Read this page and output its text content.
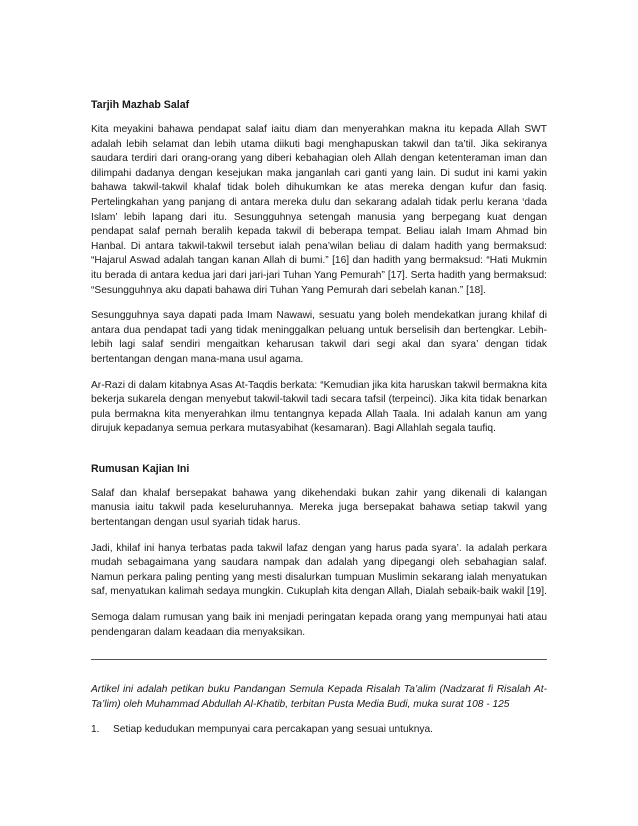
Tarjih Mazhab Salaf

Kita meyakini bahawa pendapat salaf iaitu diam dan menyerahkan makna itu kepada Allah SWT adalah lebih selamat dan lebih utama diikuti bagi menghapuskan takwil dan ta’til. Jika sekiranya saudara terdiri dari orang-orang yang diberi kebahagian oleh Allah dengan ketenteraman iman dan dilimpahi dadanya dengan kesejukan maka janganlah cari ganti yang lain. Di sudut ini kami yakin bahawa takwil-takwil khalaf tidak boleh dihukumkan ke atas mereka dengan kufur dan fasiq. Pertelingkahan yang panjang di antara mereka dulu dan sekarang adalah tidak perlu kerana ‘dada Islam’ lebih lapang dari itu. Sesungguhnya setengah manusia yang berpegang kuat dengan pendapat salaf pernah beralih kepada takwil di beberapa tempat. Beliau ialah Imam Ahmad bin Hanbal. Di antara takwil-takwil tersebut ialah pena’wilan beliau di dalam hadith yang bermaksud: “Hajarul Aswad adalah tangan kanan Allah di bumi.” [16] dan hadith yang bermaksud: “Hati Mukmin itu berada di antara kedua jari dari jari-jari Tuhan Yang Pemurah” [17]. Serta hadith yang bermaksud: “Sesungguhnya aku dapati bahawa diri Tuhan Yang Pemurah dari sebelah kanan.” [18].

Sesungguhnya saya dapati pada Imam Nawawi, sesuatu yang boleh mendekatkan jurang khilaf di antara dua pendapat tadi yang tidak meninggalkan peluang untuk berselisih dan bertengkar. Lebih-lebih lagi salaf sendiri mengaitkan keharusan takwil dari segi akal dan syara’ dengan tidak bertentangan dengan mana-mana usul agama.

Ar-Razi di dalam kitabnya Asas At-Taqdis berkata: “Kemudian jika kita haruskan takwil bermakna kita bekerja sukarela dengan menyebut takwil-takwil tadi secara tafsil (terpeinci). Jika kita tidak benarkan pula bermakna kita menyerahkan ilmu tentangnya kepada Allah Taala. Ini adalah kanun am yang dirujuk kepadanya semua perkara mutasyabihat (kesamaran). Bagi Allahlah segala taufiq.

Rumusan Kajian Ini

Salaf dan khalaf bersepakat bahawa yang dikehendaki bukan zahir yang dikenali di kalangan manusia iaitu takwil pada keseluruhannya. Mereka juga bersepakat bahawa setiap takwil yang bertentangan dengan usul syariah tidak harus.

Jadi, khilaf ini hanya terbatas pada takwil lafaz dengan yang harus pada syara’. Ia adalah perkara mudah sebagaimana yang saudara nampak dan adalah yang dipegangi oleh sebahagian salaf. Namun perkara paling penting yang mesti disalurkan tumpuan Muslimin sekarang ialah menyatukan saf, menyatukan kalimah sedaya mungkin. Cukuplah kita dengan Allah, Dialah sebaik-baik wakil [19].

Semoga dalam rumusan yang baik ini menjadi peringatan kepada orang yang mempunyai hati atau pendengaran dalam keadaan dia menyaksikan.

Artikel ini adalah petikan buku Pandangan Semula Kepada Risalah Ta’alim (Nadzarat fi Risalah At-Ta’lim) oleh Muhammad Abdullah Al-Khatib, terbitan Pusta Media Budi, muka surat 108 - 125

1. Setiap kedudukan mempunyai cara percakapan yang sesuai untuknya.
